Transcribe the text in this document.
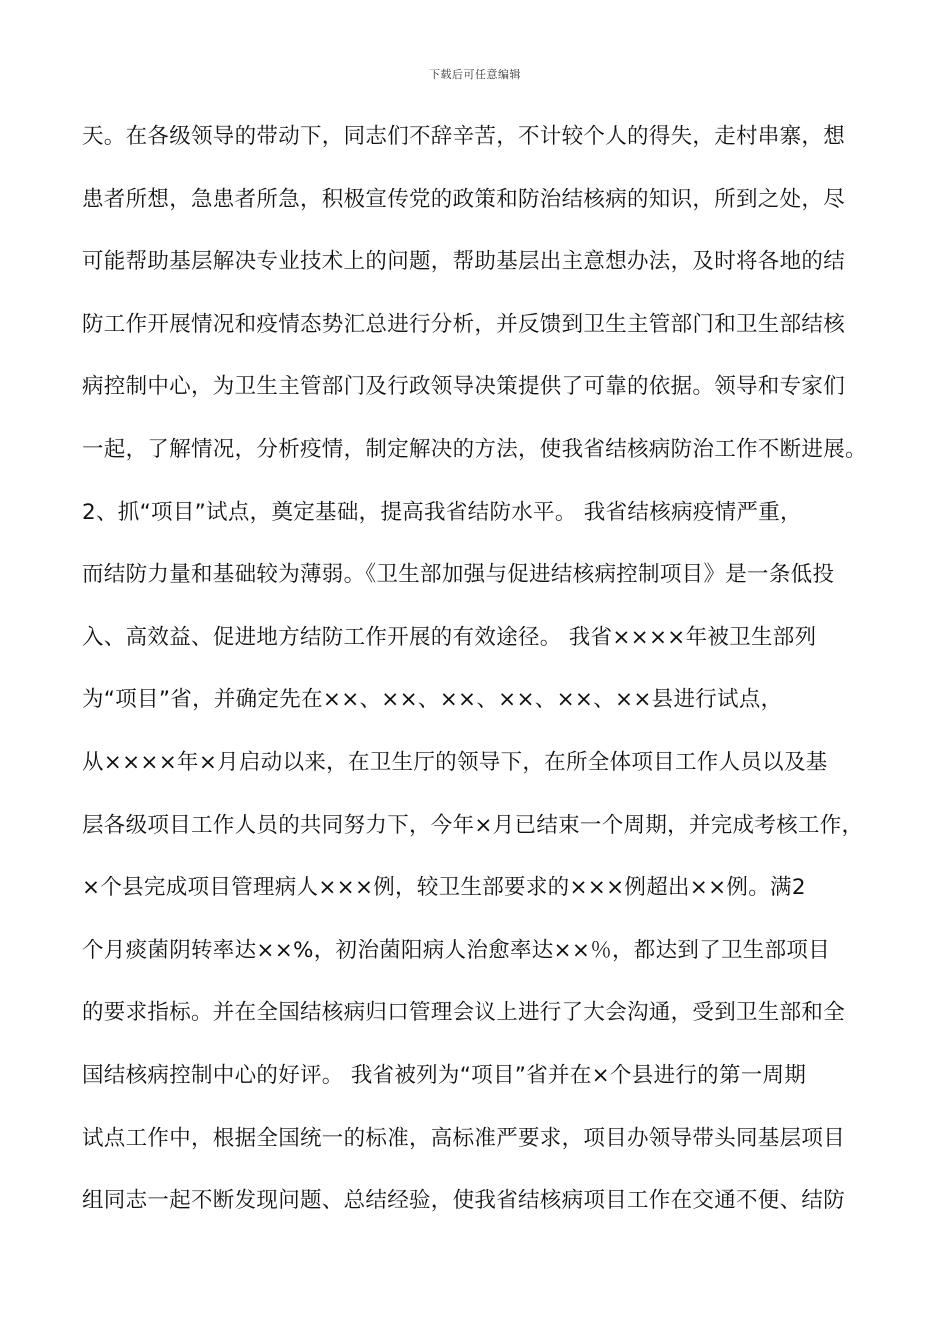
下载后可任意编辑
天。在各级领导的带动下，同志们不辞辛苦，不计较个人的得失，走村串寨，想
患者所想，急患者所急，积极宣传党的政策和防治结核病的知识，所到之处，尽
可能帮助基层解决专业技术上的问题，帮助基层出主意想办法，及时将各地的结
防工作开展情况和疫情态势汇总进行分析，并反馈到卫生主管部门和卫生部结核
病控制中心，为卫生主管部门及行政领导决策提供了可靠的依据。领导和专家们
一起，了解情况，分析疫情，制定解决的方法，使我省结核病防治工作不断进展。
2、抓“项目”试点，奠定基础，提高我省结防水平。 我省结核病疫情严重，
而结防力量和基础较为薄弱。《卫生部加强与促进结核病控制项目》是一条低投
入、高效益、促进地方结防工作开展的有效途径。 我省××××年被卫生部列
为“项目”省，并确定先在××、××、××、××、××、××县进行试点，
从××××年×月启动以来，在卫生厅的领导下，在所全体项目工作人员以及基
层各级项目工作人员的共同努力下，今年×月已结束一个周期，并完成考核工作，
×个县完成项目管理病人×××例，较卫生部要求的×××例超出××例。满2
个月痰菌阴转率达××%，初治菌阳病人治愈率达××％，都达到了卫生部项目
的要求指标。并在全国结核病归口管理会议上进行了大会沟通，受到卫生部和全
国结核病控制中心的好评。 我省被列为“项目”省并在×个县进行的第一周期
试点工作中，根据全国统一的标准，高标准严要求，项目办领导带头同基层项目
组同志一起不断发现问题、总结经验，使我省结核病项目工作在交通不便、结防
